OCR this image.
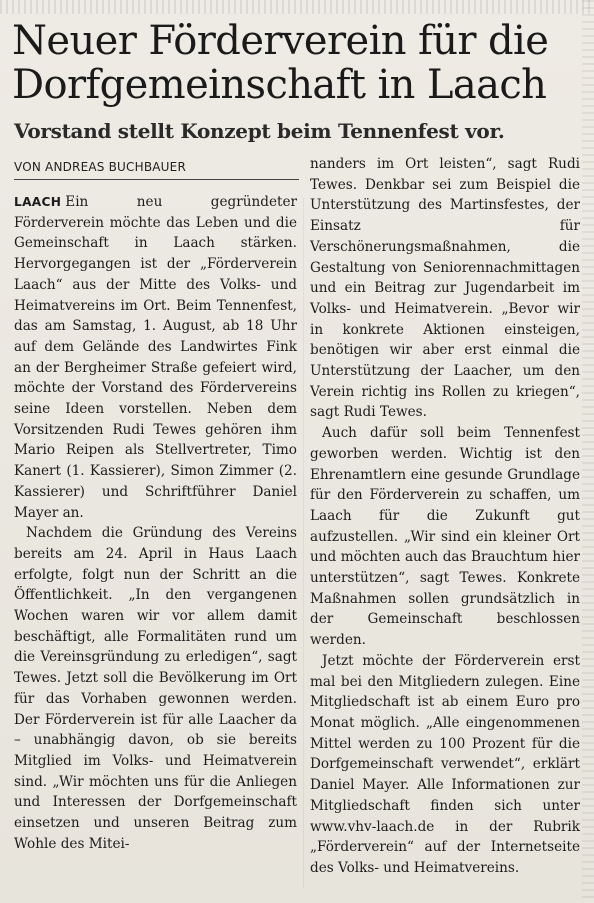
Neuer Förderverein für die Dorfgemeinschaft in Laach
Vorstand stellt Konzept beim Tennenfest vor.
VON ANDREAS BUCHBAUER

LAACH Ein neu gegründeter Förderverein möchte das Leben und die Gemeinschaft in Laach stärken. Hervorgegangen ist der „Förderverein Laach“ aus der Mitte des Volks- und Heimatvereins im Ort. Beim Tennenfest, das am Samstag, 1. August, ab 18 Uhr auf dem Gelände des Landwirtes Fink an der Bergheimer Straße gefeiert wird, möchte der Vorstand des Fördervereins seine Ideen vorstellen. Neben dem Vorsitzenden Rudi Tewes gehören ihm Mario Reipen als Stellvertreter, Timo Kanert (1. Kassierer), Simon Zimmer (2. Kassierer) und Schriftführer Daniel Mayer an.

Nachdem die Gründung des Vereins bereits am 24. April in Haus Laach erfolgte, folgt nun der Schritt an die Öffentlichkeit. „In den vergangenen Wochen waren wir vor allem damit beschäftigt, alle Formalitäten rund um die Vereinsgründung zu erledigen“, sagt Tewes. Jetzt soll die Bevölkerung im Ort für das Vorhaben gewonnen werden. Der Förderverein ist für alle Laacher da – unabhängig davon, ob sie bereits Mitglied im Volks- und Heimatverein sind. „Wir möchten uns für die Anliegen und Interessen der Dorfgemeinschaft einsetzen und unseren Beitrag zum Wohle des Mitei-

nanders im Ort leisten“, sagt Rudi Tewes. Denkbar sei zum Beispiel die Unterstützung des Martinsfestes, der Einsatz für Verschönerungsmaßnahmen, die Gestaltung von Seniorennachmittagen und ein Beitrag zur Jugendarbeit im Volks- und Heimatverein. „Bevor wir in konkrete Aktionen einsteigen, benötigen wir aber erst einmal die Unterstützung der Laacher, um den Verein richtig ins Rollen zu kriegen“, sagt Rudi Tewes.

Auch dafür soll beim Tennenfest geworben werden. Wichtig ist den Ehrenamtlern eine gesunde Grundlage für den Förderverein zu schaffen, um Laach für die Zukunft gut aufzustellen. „Wir sind ein kleiner Ort und möchten auch das Brauchtum hier unterstützen“, sagt Tewes. Konkrete Maßnahmen sollen grundsätzlich in der Gemeinschaft beschlossen werden.

Jetzt möchte der Förderverein erst mal bei den Mitgliedern zulegen. Eine Mitgliedschaft ist ab einem Euro pro Monat möglich. „Alle eingenommenen Mittel werden zu 100 Prozent für die Dorfgemeinschaft verwendet“, erklärt Daniel Mayer. Alle Informationen zur Mitgliedschaft finden sich unter www.vhv-laach.de in der Rubrik „Förderverein“ auf der Internetseite des Volks- und Heimatvereins.
